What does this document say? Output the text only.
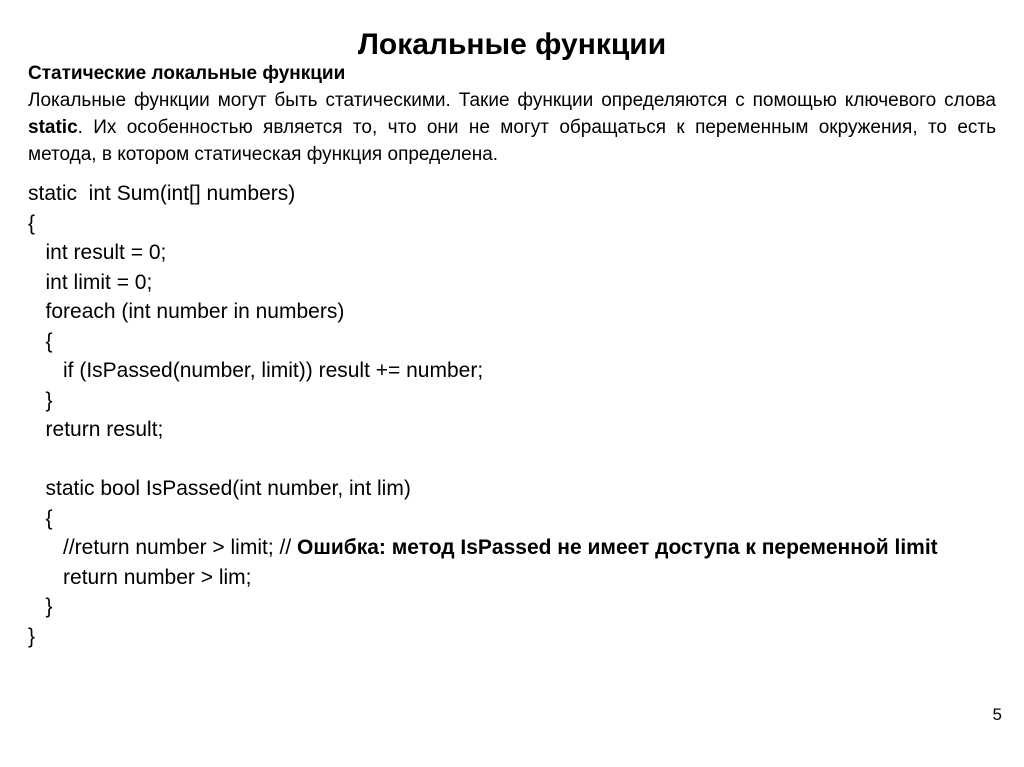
Локальные функции
Статические локальные функции

Локальные функции могут быть статическими. Такие функции определяются с помощью ключевого слова static. Их особенностью является то, что они не могут обращаться к переменным окружения, то есть метода, в котором статическая функция определена.

static  int Sum(int[] numbers)
{
int result = 0;
int limit = 0;
foreach (int number in numbers)
{
if (IsPassed(number, limit)) result += number;
}
return result;
static bool IsPassed(int number, int lim)
{
//return number > limit; // Ошибка: метод IsPassed не имеет доступа к переменной limit
return number > lim;
}
}
5
